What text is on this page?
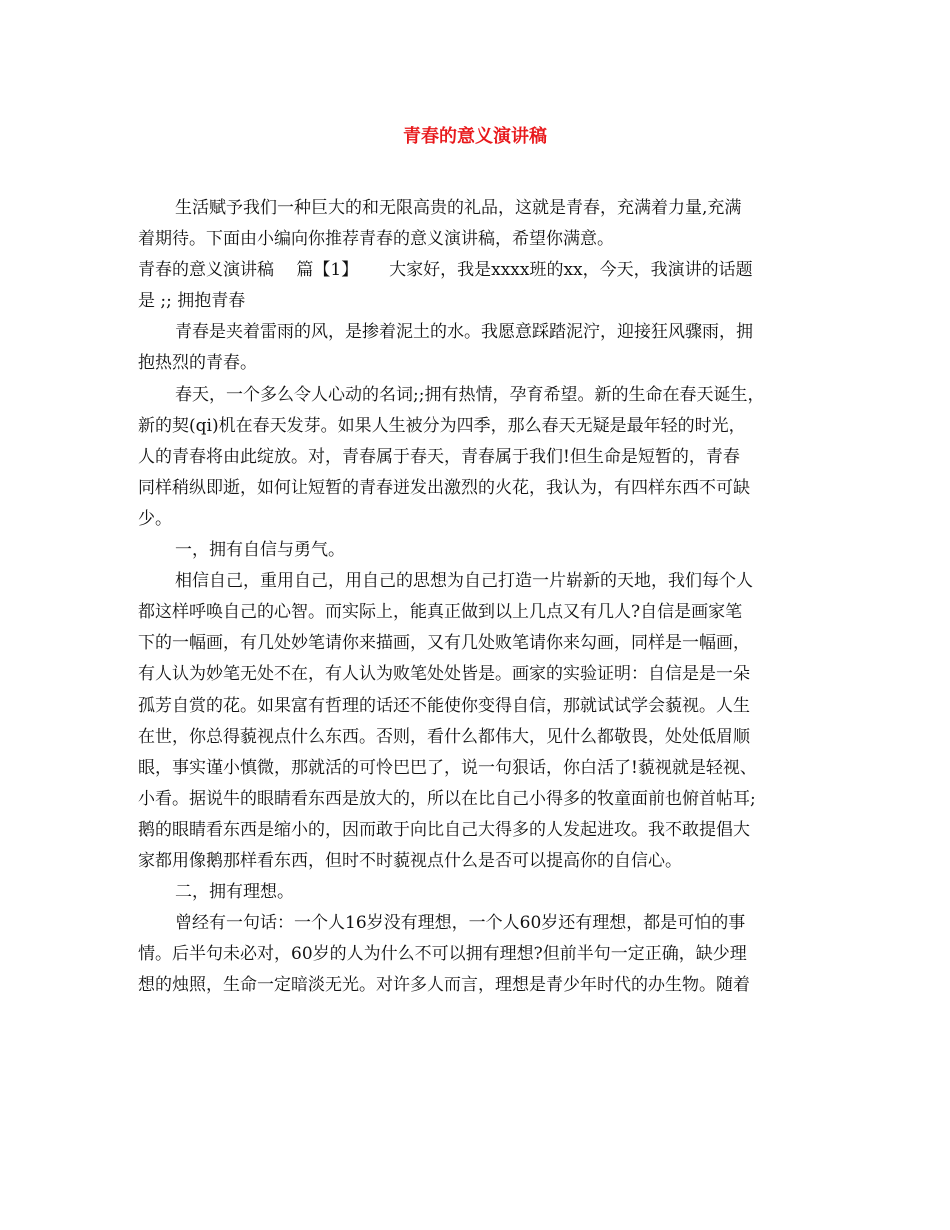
青春的意义演讲稿
生活赋予我们一种巨大的和无限高贵的礼品，这就是青春，充满着力量,充满
着期待。下面由小编向你推荐青春的意义演讲稿，希望你满意。
青春的意义演讲稿　 篇【1】　　 大家好，我是xxxx班的xx，今天，我演讲的话题
是 ;; 拥抱青春
青春是夹着雷雨的风，是掺着泥土的水。我愿意踩踏泥泞，迎接狂风骤雨，拥
抱热烈的青春。
春天，一个多么令人心动的名词;;拥有热情，孕育希望。新的生命在春天诞生，
新的契(qi)机在春天发芽。如果人生被分为四季，那么春天无疑是最年轻的时光，
人的青春将由此绽放。对，青春属于春天，青春属于我们!但生命是短暂的，青春
同样稍纵即逝，如何让短暂的青春迸发出激烈的火花，我认为，有四样东西不可缺
少。
一，拥有自信与勇气。
相信自己，重用自己，用自己的思想为自己打造一片崭新的天地，我们每个人
都这样呼唤自己的心智。而实际上，能真正做到以上几点又有几人?自信是画家笔
下的一幅画，有几处妙笔请你来描画，又有几处败笔请你来勾画，同样是一幅画，
有人认为妙笔无处不在，有人认为败笔处处皆是。画家的实验证明：自信是是一朵
孤芳自赏的花。如果富有哲理的话还不能使你变得自信，那就试试学会藐视。人生
在世，你总得藐视点什么东西。否则，看什么都伟大，见什么都敬畏，处处低眉顺
眼，事实谨小慎微，那就活的可怜巴巴了，说一句狠话，你白活了!藐视就是轻视、
小看。据说牛的眼睛看东西是放大的，所以在比自己小得多的牧童面前也俯首帖耳;
鹅的眼睛看东西是缩小的，因而敢于向比自己大得多的人发起进攻。我不敢提倡大
家都用像鹅那样看东西，但时不时藐视点什么是否可以提高你的自信心。
二，拥有理想。
曾经有一句话：一个人16岁没有理想，一个人60岁还有理想，都是可怕的事
情。后半句未必对，60岁的人为什么不可以拥有理想?但前半句一定正确，缺少理
想的烛照，生命一定暗淡无光。对许多人而言，理想是青少年时代的办生物。随着
